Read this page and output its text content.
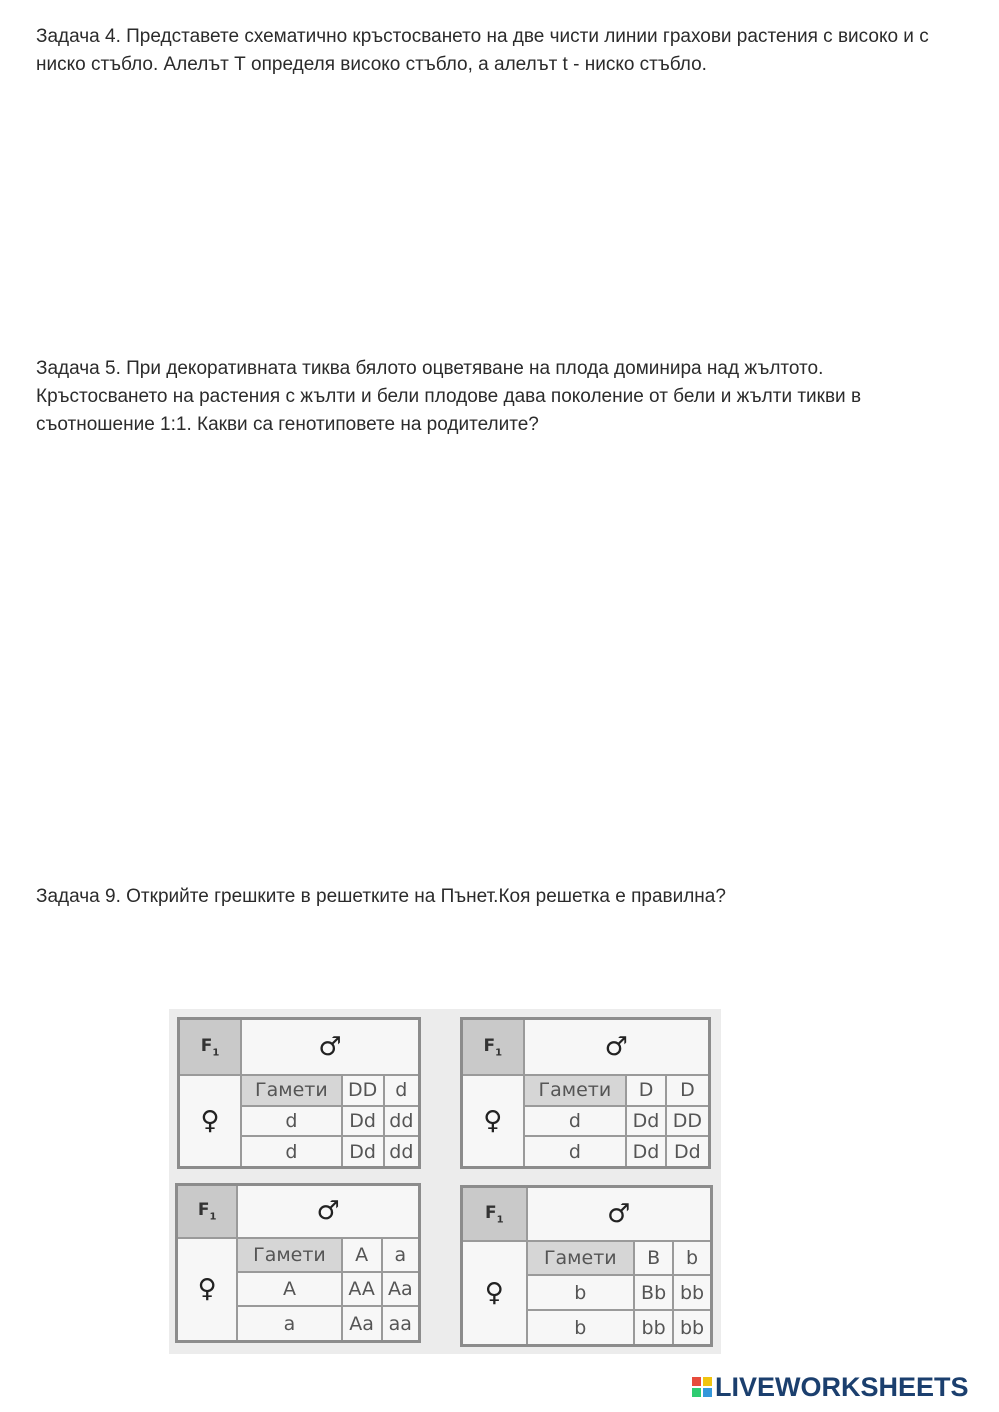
Задача 4. Представете схематично кръстосването на две чисти линии грахови растения с високо и с ниско стъбло. Алелът Т определя високо стъбло, а алелът t - ниско стъбло.

Задача 5. При декоративната тиква бялото оцветяване на плода доминира над жълтото. Кръстосването на растения с жълти и бели плодове дава поколение от бели и жълти тикви в съотношение 1:1. Какви са генотиповете на родителите?

Задача 9. Открийте грешките в решетките на Пънет.Коя решетка е правилна?

$F_1$	♂		
♀	Гамети	DD	d
	d	Dd	dd
	d	Dd	dd
$F_1$	♂		
♀	Гамети	D	D
	d	Dd	DD
	d	Dd	Dd
$F_1$	♂		
♀	Гамети	A	a
	A	AA	Aa
	a	Aa	aa
$F_1$	♂		
♀	Гамети	B	b
	b	Bb	bb
	b	bb	bb
LIVEWORKSHEETS
